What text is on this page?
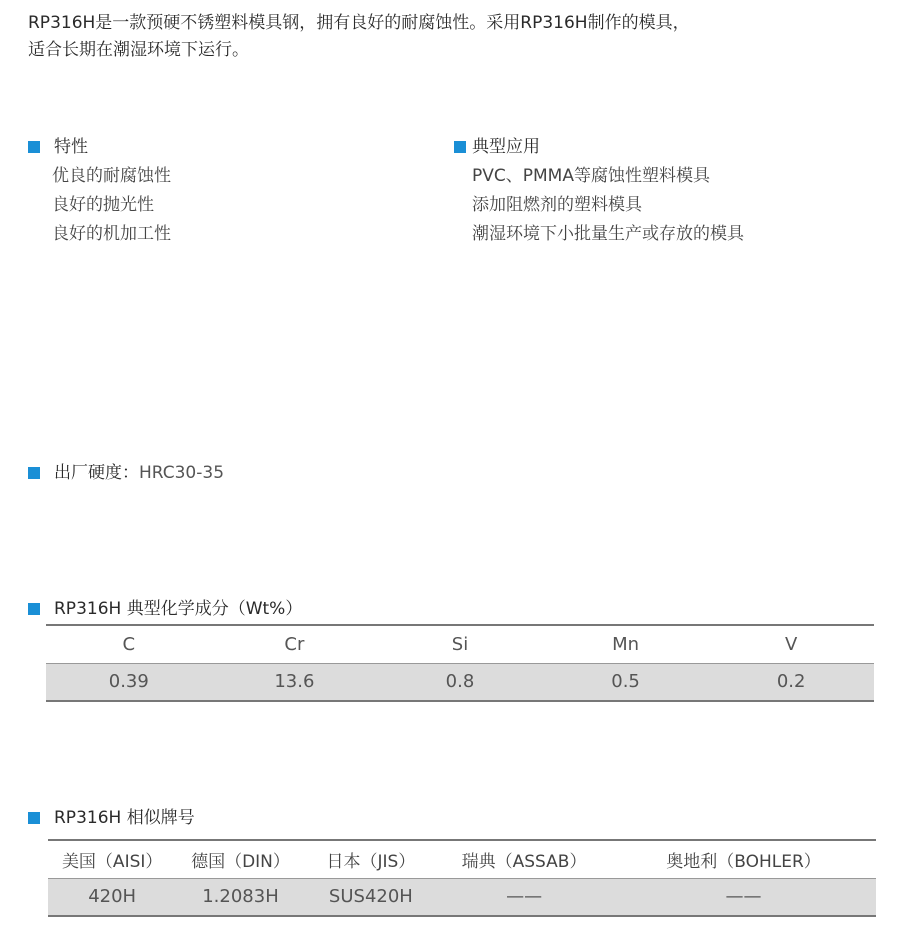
RP316H是一款预硬不锈塑料模具钢，拥有良好的耐腐蚀性。采用RP316H制作的模具，

适合长期在潮湿环境下运行。

特性
优良的耐腐蚀性
良好的抛光性
良好的机加工性
典型应用
PVC、PMMA等腐蚀性塑料模具
添加阻燃剂的塑料模具
潮湿环境下小批量生产或存放的模具
出厂硬度：HRC30-35
RP316H 典型化学成分（Wt%）
C	Cr	Si	Mn	V
0.39	13.6	0.8	0.5	0.2
RP316H 相似牌号
美国（AISI）	德国（DIN）	日本（JIS）	瑞典（ASSAB）	奥地利（BOHLER）
420H	1.2083H	SUS420H	——	——
